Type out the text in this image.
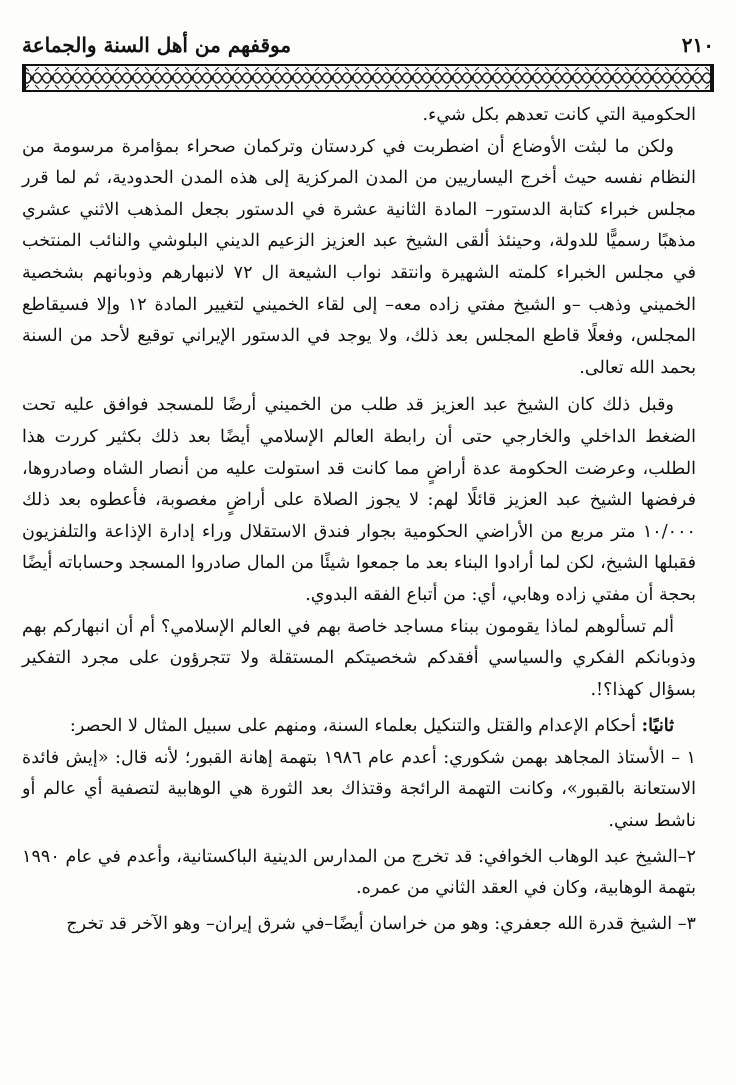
٢١٠
موقفهم من أهل السنة والجماعة

الحكومية التي كانت تعدهم بكل شيء.

ولكن ما لبثت الأوضاع أن اضطربت في كردستان وتركمان صحراء بمؤامرة مرسومة من النظام نفسه حيث أخرج اليساريين من المدن المركزية إلى هذه المدن الحدودية، ثم لما قرر مجلس خبراء كتابة الدستور– المادة الثانية عشرة في الدستور بجعل المذهب الاثني عشري مذهبًا رسميًّا للدولة، وحينئذ ألقى الشيخ عبد العزيز الزعيم الديني البلوشي والنائب المنتخب في مجلس الخبراء كلمته الشهيرة وانتقد نواب الشيعة ال ٧٢ لانبهارهم وذوبانهم بشخصية الخميني وذهب –و الشيخ مفتي زاده معه– إلى لقاء الخميني لتغيير المادة ١٢ وإلا فسيقاطع المجلس، وفعلًا قاطع المجلس بعد ذلك، ولا يوجد في الدستور الإيراني توقيع لأحد من السنة بحمد الله تعالى.

وقبل ذلك كان الشيخ عبد العزيز قد طلب من الخميني أرضًا للمسجد فوافق عليه تحت الضغط الداخلي والخارجي حتى أن رابطة العالم الإسلامي أيضًا بعد ذلك بكثير كررت هذا الطلب، وعرضت الحكومة عدة أراضٍ مما كانت قد استولت عليه من أنصار الشاه وصادروها، فرفضها الشيخ عبد العزيز قائلًا لهم: لا يجوز الصلاة على أراضٍ مغصوبة، فأعطوه بعد ذلك ١٠/٠٠٠ متر مربع من الأراضي الحكومية بجوار فندق الاستقلال وراء إدارة الإذاعة والتلفزيون فقبلها الشيخ، لكن لما أرادوا البناء بعد ما جمعوا شيئًا من المال صادروا المسجد وحساباته أيضًا بحجة أن مفتي زاده وهابي، أي: من أتباع الفقه البدوي.

ألم تسألوهم لماذا يقومون ببناء مساجد خاصة بهم في العالم الإسلامي؟ أم أن انبهاركم بهم وذوبانكم الفكري والسياسي أفقدكم شخصيتكم المستقلة ولا تتجرؤون على مجرد التفكير بسؤال كهذا؟!.

ثانيًا: أحكام الإعدام والقتل والتنكيل بعلماء السنة، ومنهم على سبيل المثال لا الحصر:

١ – الأستاذ المجاهد بهمن شكوري: أعدم عام ١٩٨٦ بتهمة إهانة القبور؛ لأنه قال: «إيش فائدة الاستعانة بالقبور»، وكانت التهمة الرائجة وقتذاك بعد الثورة هي الوهابية لتصفية أي عالم أو ناشط سني.

٢–الشيخ عبد الوهاب الخوافي: قد تخرج من المدارس الدينية الباكستانية، وأعدم في عام ١٩٩٠ بتهمة الوهابية، وكان في العقد الثاني من عمره.

٣– الشيخ قدرة الله جعفري: وهو من خراسان أيضًا–في شرق إيران– وهو الآخر قد تخرج
